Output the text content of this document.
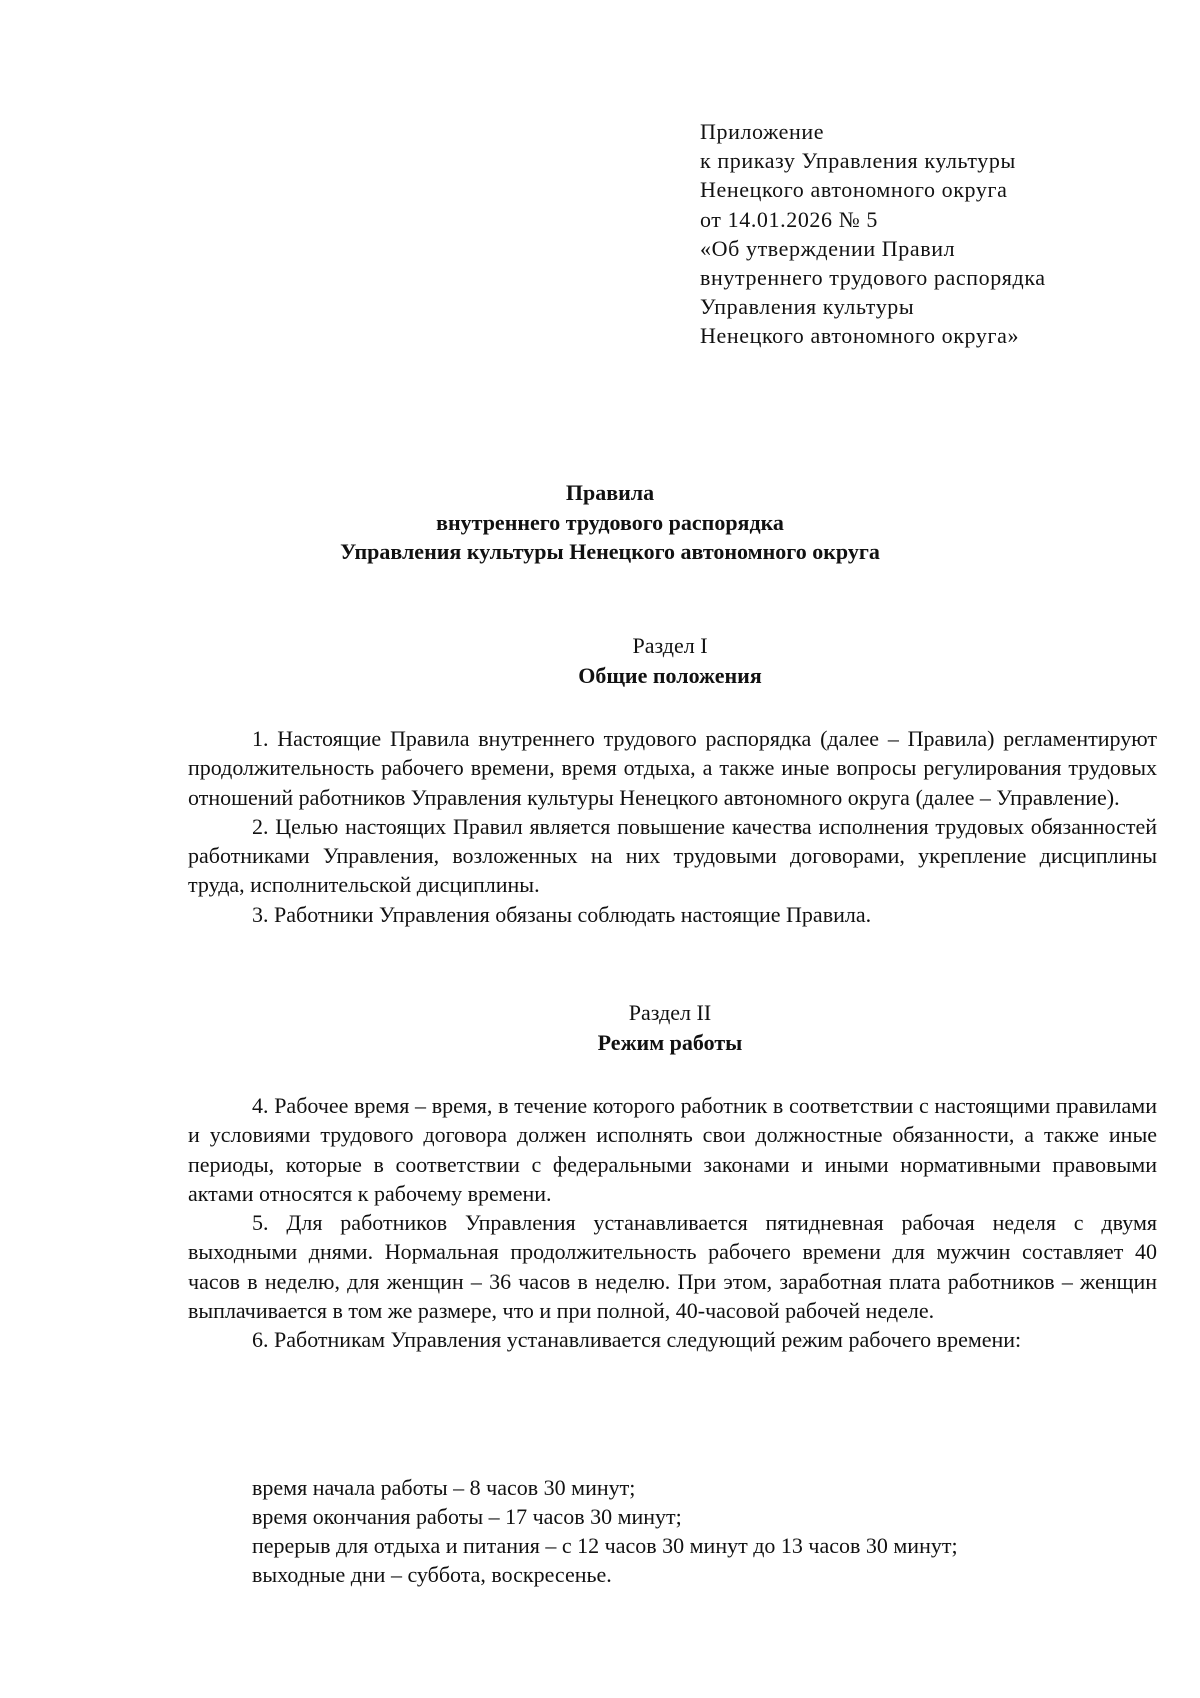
Приложение
к приказу Управления культуры
Ненецкого автономного округа
от 14.01.2026 № 5
«Об утверждении Правил
внутреннего трудового распорядка
Управления культуры
Ненецкого автономного округа»
Правила
внутреннего трудового распорядка
Управления культуры Ненецкого автономного округа
Раздел I
Общие положения

1. Настоящие Правила внутреннего трудового распорядка (далее – Правила) регламентируют продолжительность рабочего времени, время отдыха, а также иные вопросы регулирования трудовых отношений работников Управления культуры Ненецкого автономного округа (далее – Управление).

2. Целью настоящих Правил является повышение качества исполнения трудовых обязанностей работниками Управления, возложенных на них трудовыми договорами, укрепление дисциплины труда, исполнительской дисциплины.

3. Работники Управления обязаны соблюдать настоящие Правила.

Раздел II
Режим работы

4. Рабочее время – время, в течение которого работник в соответствии с настоящими правилами и условиями трудового договора должен исполнять свои должностные обязанности, а также иные периоды, которые в соответствии с федеральными законами и иными нормативными правовыми актами относятся к рабочему времени.

5. Для работников Управления устанавливается пятидневная рабочая неделя с двумя выходными днями. Нормальная продолжительность рабочего времени для мужчин составляет 40 часов в неделю, для женщин – 36 часов в неделю. При этом, заработная плата работников – женщин выплачивается в том же размере, что и при полной, 40-часовой рабочей неделе.

6. Работникам Управления устанавливается следующий режим рабочего времени:

время начала работы – 8 часов 30 минут;
время окончания работы – 17 часов 30 минут;
перерыв для отдыха и питания – с 12 часов 30 минут до 13 часов 30 минут;
выходные дни – суббота, воскресенье.
